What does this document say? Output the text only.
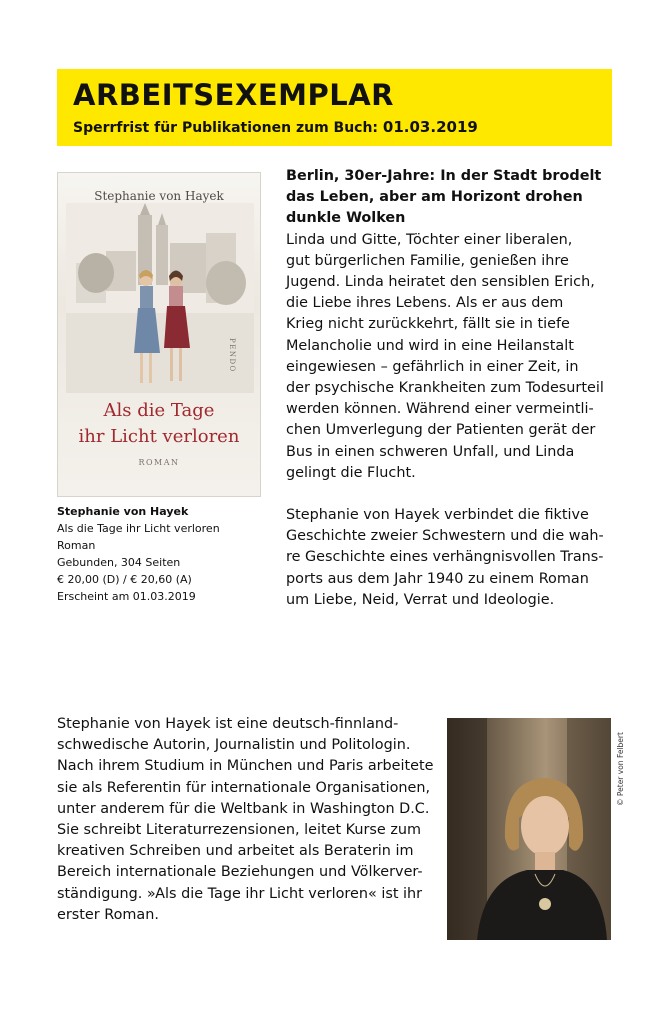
ARBEITSEXEMPLAR
Sperrfrist für Publikationen zum Buch: 01.03.2019
Stephanie von Hayek
PENDO
Als die Tage
ihr Licht verloren
ROMAN
Stephanie von Hayek
Als die Tage ihr Licht verloren
Roman
Gebunden, 304 Seiten
€ 20,00 (D) / € 20,60 (A)
Erscheint am 01.03.2019
Berlin, 30er-Jahre: In der Stadt brodelt
das Leben, aber am Horizont drohen
dunkle Wolken
Linda und Gitte, Töchter einer liberalen,
gut bürgerlichen Familie, genießen ihre
Jugend. Linda heiratet den sensiblen Erich,
die Liebe ihres Lebens. Als er aus dem
Krieg nicht zurückkehrt, fällt sie in tiefe
Melancholie und wird in eine Heilanstalt
eingewiesen – gefährlich in einer Zeit, in
der psychische Krankheiten zum Todesurteil
werden können. Während einer vermeintli-
chen Umverlegung der Patienten gerät der
Bus in einen schweren Unfall, und Linda
gelingt die Flucht.
Stephanie von Hayek verbindet die fiktive
Geschichte zweier Schwestern und die wah-
re Geschichte eines verhängnisvollen Trans-
ports aus dem Jahr 1940 zu einem Roman
um Liebe, Neid, Verrat und Ideologie.
Stephanie von Hayek ist eine deutsch-finnland-
schwedische Autorin, Journalistin und Politologin.
Nach ihrem Studium in München und Paris arbeitete
sie als Referentin für internationale Organisationen,
unter anderem für die Weltbank in Washington D.C.
Sie schreibt Literaturrezensionen, leitet Kurse zum
kreativen Schreiben und arbeitet als Beraterin im
Bereich internationale Beziehungen und Völkerver-
ständigung. »Als die Tage ihr Licht verloren« ist ihr
erster Roman.
© Peter von Felbert
